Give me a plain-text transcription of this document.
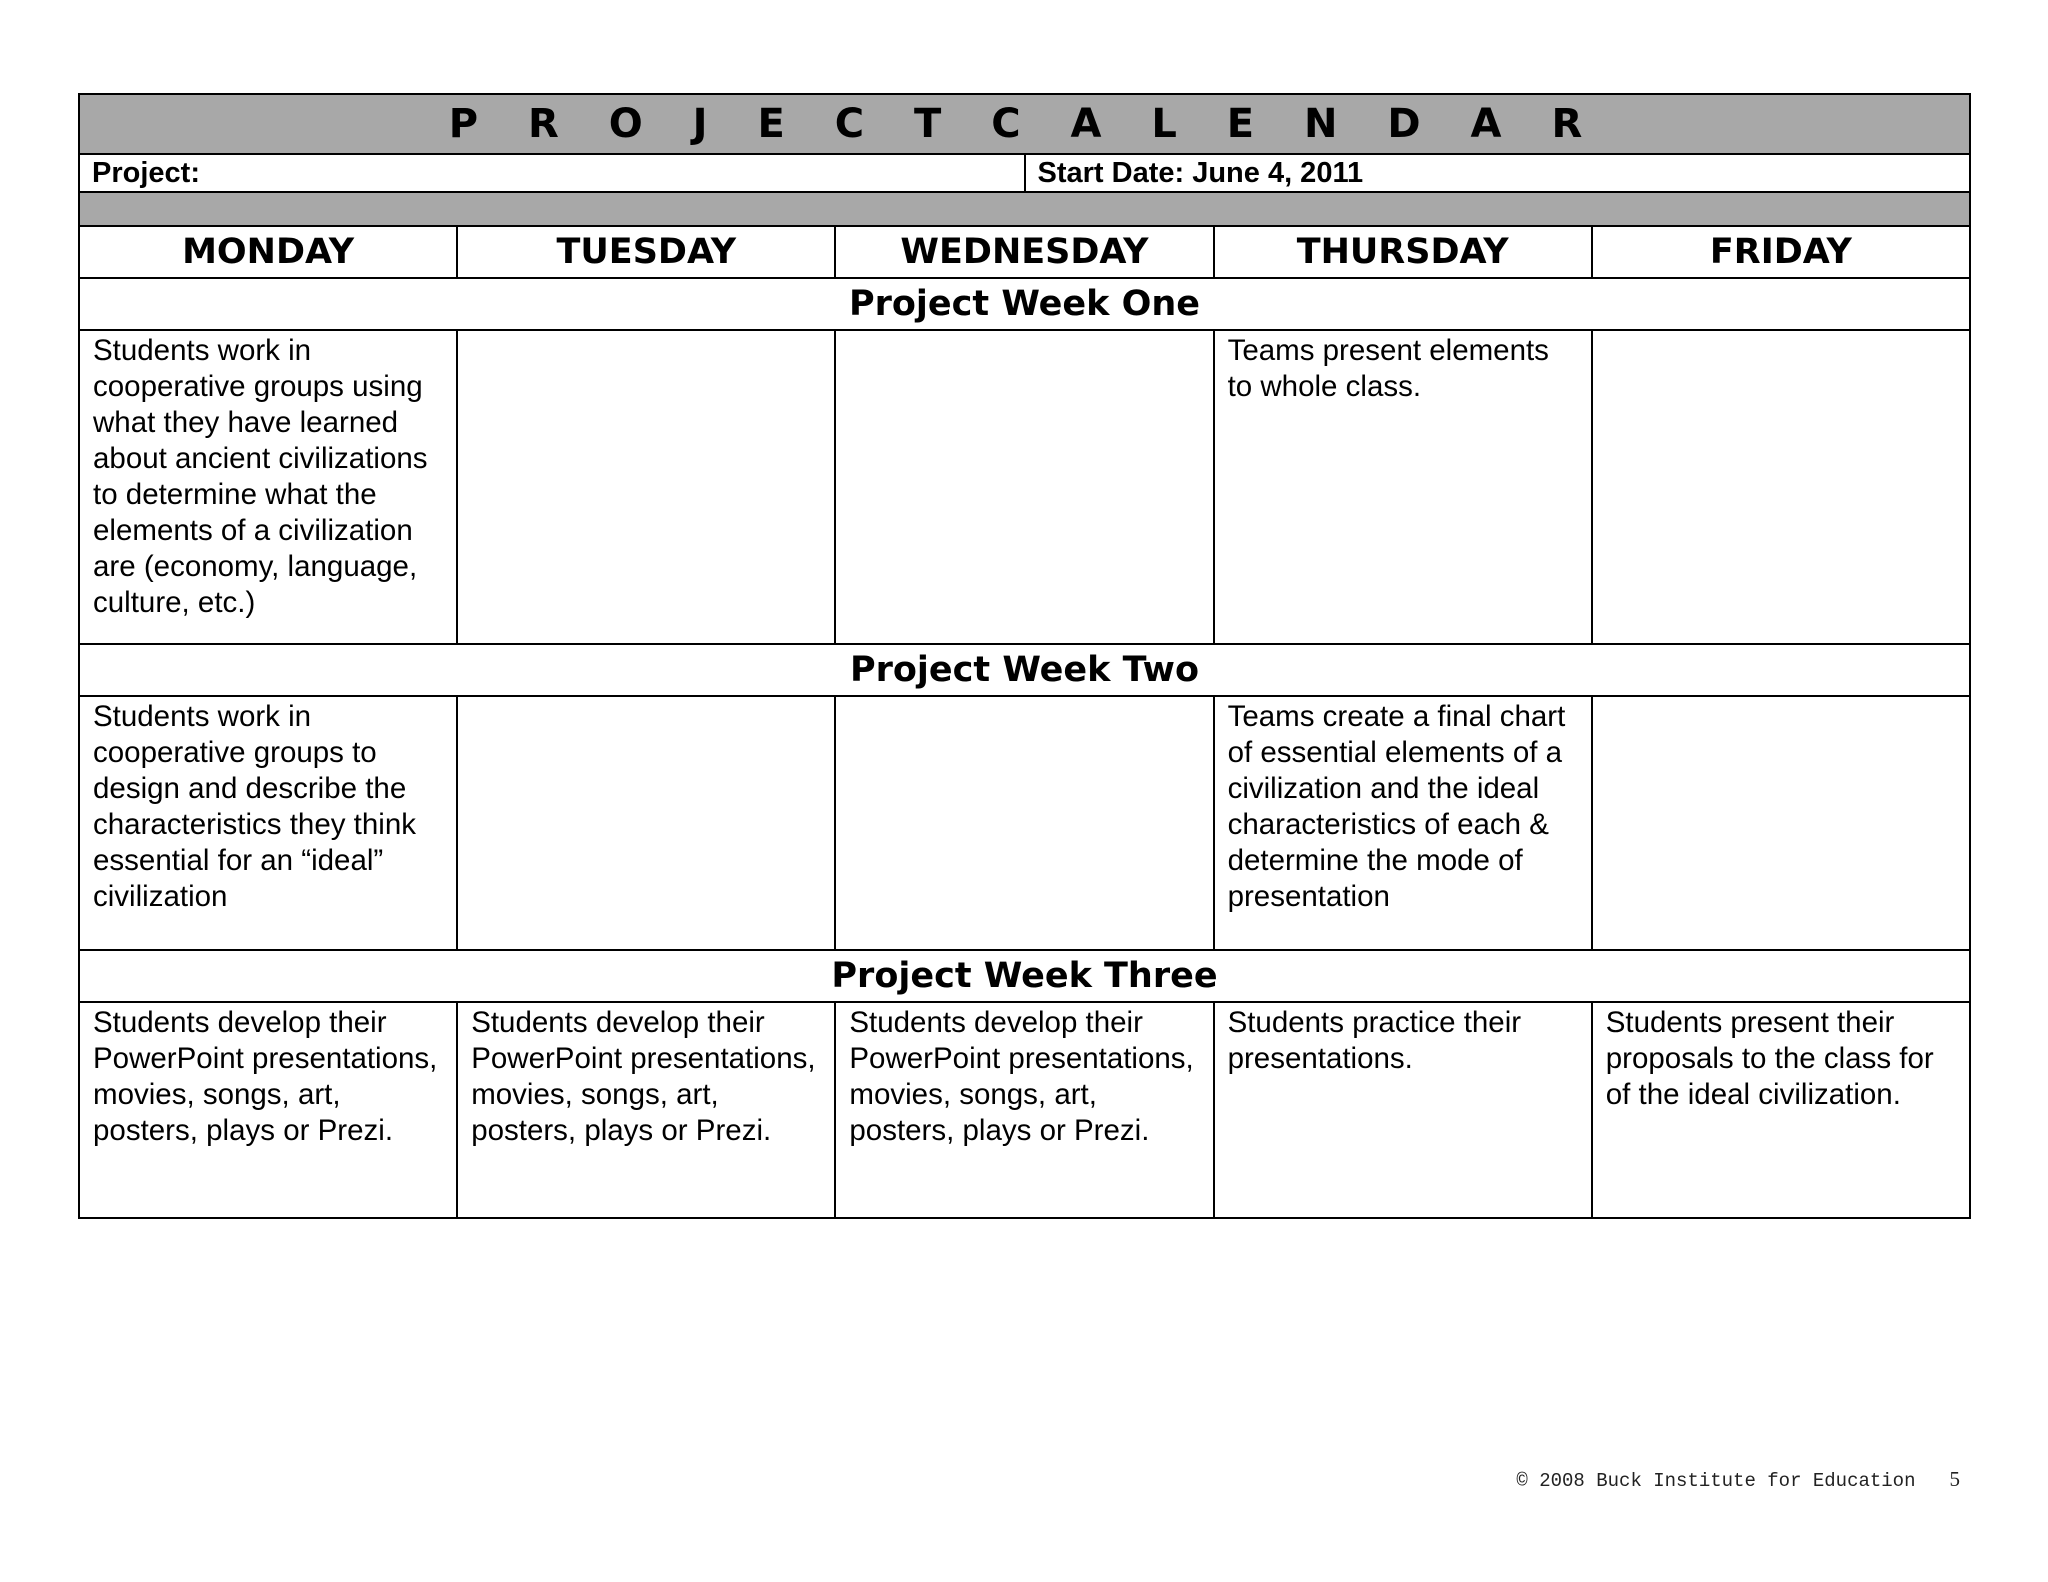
P R O J E C T C A L E N D A R				

Project: Start Date: June 4, 2011				

MONDAY	TUESDAY	WEDNESDAY	THURSDAY	FRIDAY
Project Week One				
Students work in cooperative groups using what they have learned about ancient civilizations to determine what the elements of a civilization are (economy, language, culture, etc.)			Teams present elements to whole class.	
Project Week Two				
Students work in cooperative groups to design and describe the characteristics they think essential for an “ideal” civilization			Teams create a final chart of essential elements of a civilization and the ideal characteristics of each & determine the mode of presentation	
Project Week Three				
Students develop their PowerPoint presentations, movies, songs, art, posters, plays or Prezi.	Students develop their PowerPoint presentations, movies, songs, art, posters, plays or Prezi.	Students develop their PowerPoint presentations, movies, songs, art, posters, plays or Prezi.	Students practice their presentations.	Students present their proposals to the class for of the ideal civilization.
© 2008 Buck Institute for Education 5
